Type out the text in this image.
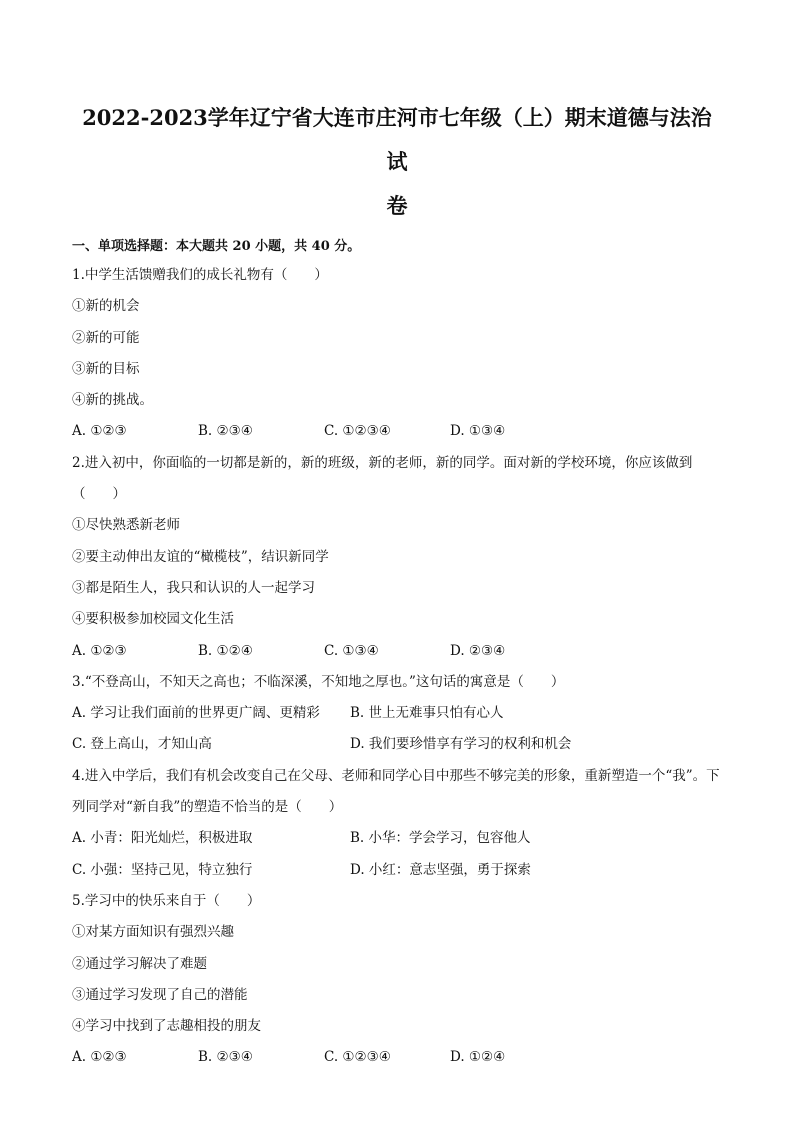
2022-2023学年辽宁省大连市庄河市七年级（上）期末道德与法治试
卷
一、单项选择题：本大题共 20 小题，共 40 分。
1.中学生活馈赠我们的成长礼物有（　　）
①新的机会
②新的可能
③新的目标
④新的挑战。
A. ①②③	B. ②③④	C. ①②③④	D. ①③④
2.进入初中，你面临的一切都是新的，新的班级，新的老师，新的同学。面对新的学校环境，你应该做到（　　）
①尽快熟悉新老师
②要主动伸出友谊的“橄榄枝”，结识新同学
③都是陌生人，我只和认识的人一起学习
④要积极参加校园文化生活
A. ①②③	B. ①②④	C. ①③④	D. ②③④
3.“不登高山，不知天之高也；不临深溪，不知地之厚也。”这句话的寓意是（　　）
A. 学习让我们面前的世界更广阔、更精彩	B. 世上无难事只怕有心人
C. 登上高山，才知山高	D. 我们要珍惜享有学习的权利和机会
4.进入中学后，我们有机会改变自己在父母、老师和同学心目中那些不够完美的形象，重新塑造一个“我”。下列同学对“新自我”的塑造不恰当的是（　　）
A. 小青：阳光灿烂，积极进取	B. 小华：学会学习，包容他人
C. 小强：坚持己见，特立独行	D. 小红：意志坚强，勇于探索
5.学习中的快乐来自于（　　）
①对某方面知识有强烈兴趣
②通过学习解决了难题
③通过学习发现了自己的潜能
④学习中找到了志趣相投的朋友
A. ①②③	B. ②③④	C. ①②③④	D. ①②④
